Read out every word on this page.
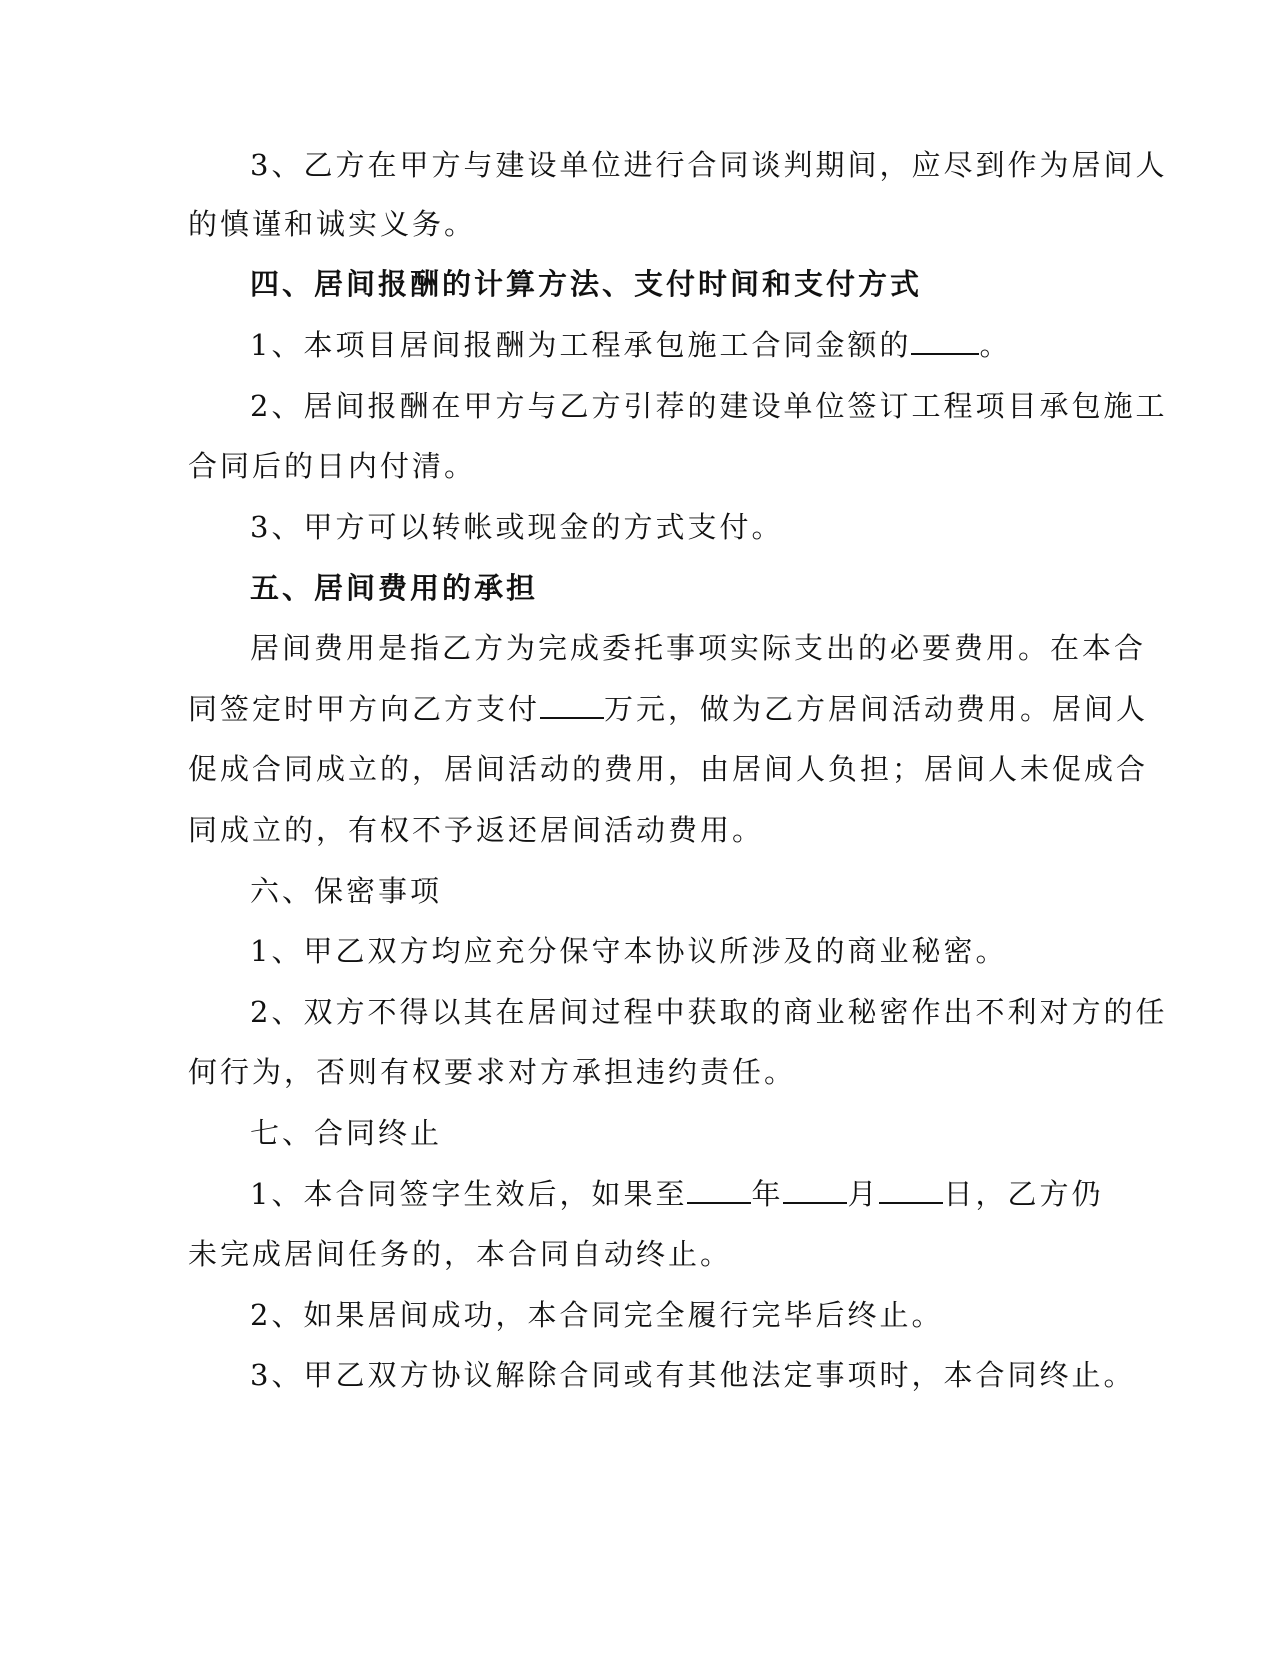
3、乙方在甲方与建设单位进行合同谈判期间，应尽到作为居间人
的慎谨和诚实义务。
四、居间报酬的计算方法、支付时间和支付方式
1、本项目居间报酬为工程承包施工合同金额的 。
2、居间报酬在甲方与乙方引荐的建设单位签订工程项目承包施工
合同后的日内付清。
3、甲方可以转帐或现金的方式支付。
五、居间费用的承担
居间费用是指乙方为完成委托事项实际支出的必要费用。在本合
同签定时甲方向乙方支付 万元，做为乙方居间活动费用。居间人
促成合同成立的，居间活动的费用，由居间人负担；居间人未促成合
同成立的，有权不予返还居间活动费用。
六、保密事项
1、甲乙双方均应充分保守本协议所涉及的商业秘密。
2、双方不得以其在居间过程中获取的商业秘密作出不利对方的任
何行为，否则有权要求对方承担违约责任。
七、合同终止
1、本合同签字生效后，如果至 年 月 日，乙方仍
未完成居间任务的，本合同自动终止。
2、如果居间成功，本合同完全履行完毕后终止。
3、甲乙双方协议解除合同或有其他法定事项时，本合同终止。
